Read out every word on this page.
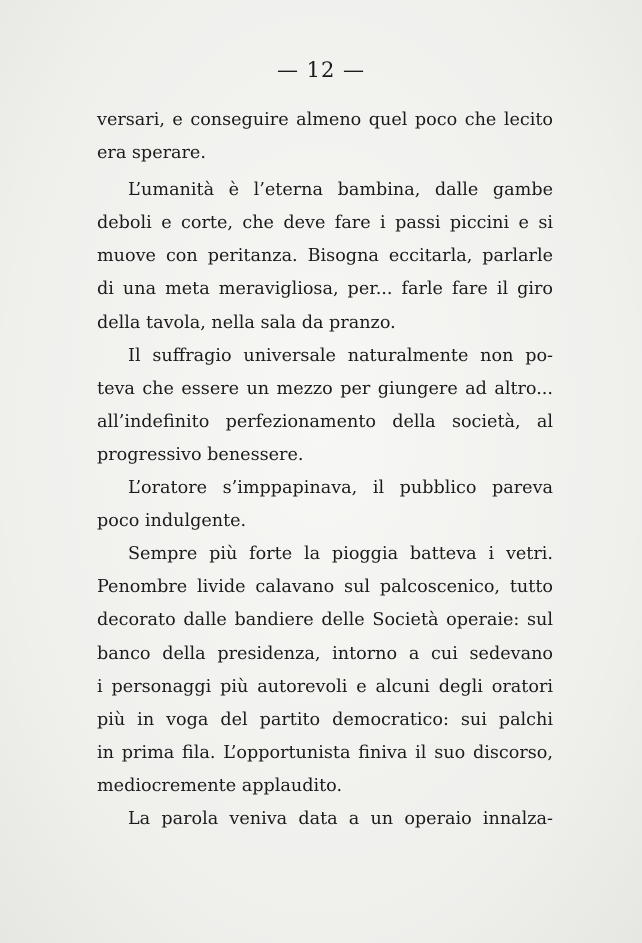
— 12 —
versari, e conseguire almeno quel poco che lecito
era sperare.
L’umanità è l’eterna bambina, dalle gambe
deboli e corte, che deve fare i passi piccini e si
muove con peritanza. Bisogna eccitarla, parlarle
di una meta meravigliosa, per... farle fare il giro
della tavola, nella sala da pranzo.
Il suffragio universale naturalmente non po-
teva che essere un mezzo per giungere ad altro...
all’indefinito perfezionamento della società, al
progressivo benessere.
L’oratore s’imppapinava, il pubblico pareva
poco indulgente.
Sempre più forte la pioggia batteva i vetri.
Penombre livide calavano sul palcoscenico, tutto
decorato dalle bandiere delle Società operaie: sul
banco della presidenza, intorno a cui sedevano
i personaggi più autorevoli e alcuni degli oratori
più in voga del partito democratico: sui palchi
in prima fila. L’opportunista finiva il suo discorso,
mediocremente applaudito.
La parola veniva data a un operaio innalza-
